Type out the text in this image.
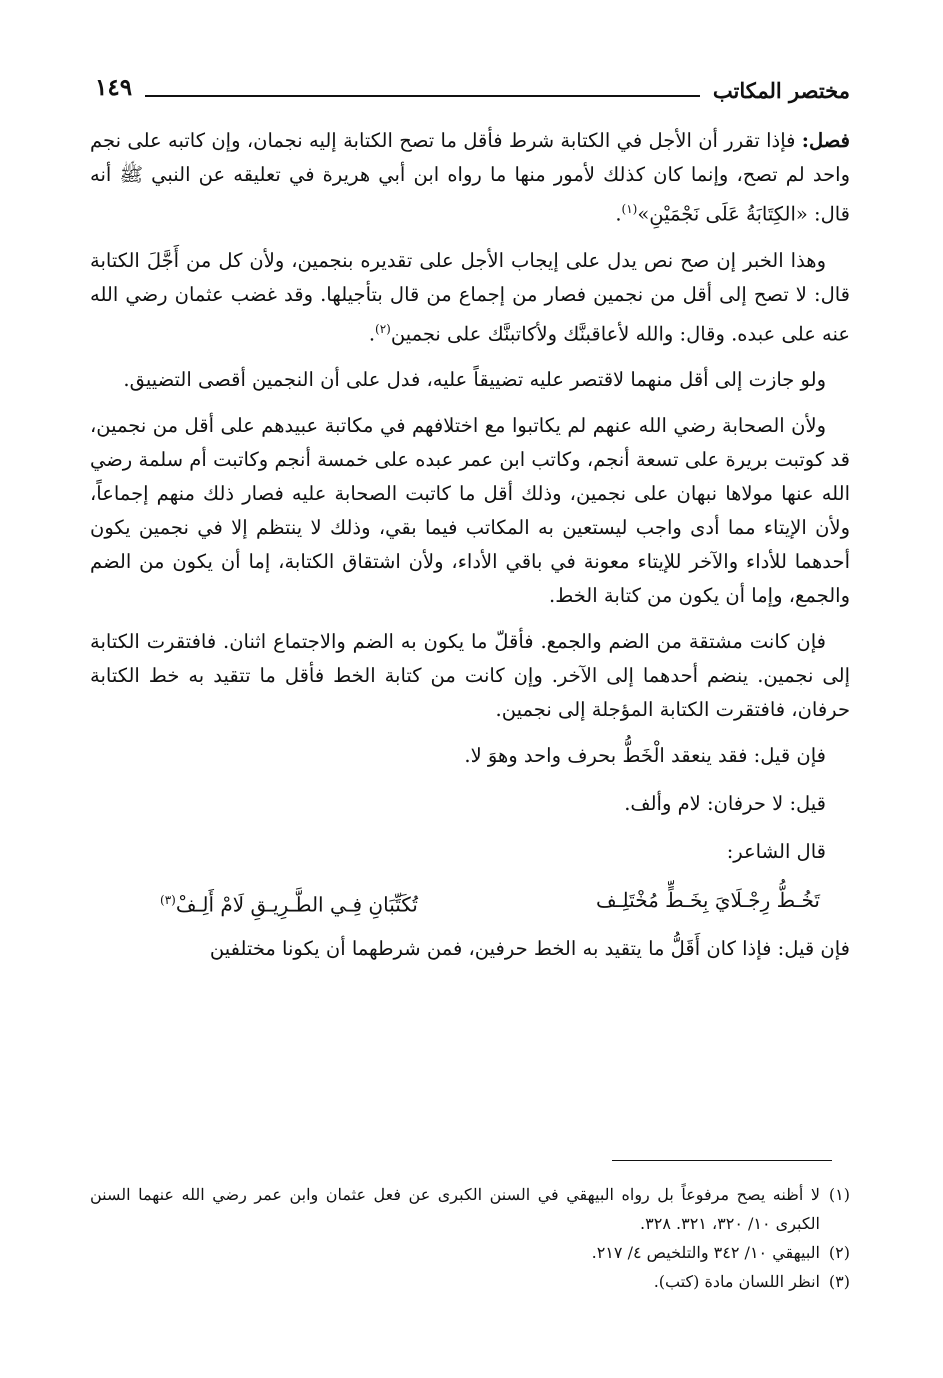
مختصر المكاتب
١٤٩

فصل: فإذا تقرر أن الأجل في الكتابة شرط فأقل ما تصح الكتابة إليه نجمان، وإن كاتبه على نجم واحد لم تصح، وإنما كان كذلك لأمور منها ما رواه ابن أبي هريرة في تعليقه عن النبي ﷺ أنه قال: «الكِتَابَةُ عَلَى نَجْمَيْنِ»$^{(١)}$.

وهذا الخبر إن صح نص يدل على إيجاب الأجل على تقديره بنجمين، ولأن كل من أَجَّلَ الكتابة قال: لا تصح إلى أقل من نجمين فصار من إجماع من قال بتأجيلها. وقد غضب عثمان رضي الله عنه على عبده. وقال: والله لأعاقبنَّك ولأكاتبنَّك على نجمين$^{(٢)}$.

ولو جازت إلى أقل منهما لاقتصر عليه تضييقاً عليه، فدل على أن النجمين أقصى التضييق.

ولأن الصحابة رضي الله عنهم لم يكاتبوا مع اختلافهم في مكاتبة عبيدهم على أقل من نجمين، قد كوتبت بريرة على تسعة أنجم، وكاتب ابن عمر عبده على خمسة أنجم وكاتبت أم سلمة رضي الله عنها مولاها نبهان على نجمين، وذلك أقل ما كاتبت الصحابة عليه فصار ذلك منهم إجماعاً، ولأن الإيتاء مما أدى واجب ليستعين به المكاتب فيما بقي، وذلك لا ينتظم إلا في نجمين يكون أحدهما للأداء والآخر للإيتاء معونة في باقي الأداء، ولأن اشتقاق الكتابة، إما أن يكون من الضم والجمع، وإما أن يكون من كتابة الخط.

فإن كانت مشتقة من الضم والجمع. فأقلّ ما يكون به الضم والاجتماع اثنان. فافتقرت الكتابة إلى نجمين. ينضم أحدهما إلى الآخر. وإن كانت من كتابة الخط فأقل ما تتقيد به خط الكتابة حرفان، فافتقرت الكتابة المؤجلة إلى نجمين.

فإن قيل: فقد ينعقد الْخَطُّ بحرف واحد وهوَ لا.

قيل: لا حرفان: لام وألف.

قال الشاعر:

تَخُـطُّ رِجْـلَايَ بِخَـطٍّ مُخْتَلِـف
تُكَتِّبَانِ فِـي الطَّـرِيـقِ لَامْ أَلِـفْ$^{(٣)}$

فإن قيل: فإذا كان أَقَلُّ ما يتقيد به الخط حرفين، فمن شرطهما أن يكونا مختلفين

(١)
لا أظنه يصح مرفوعاً بل رواه البيهقي في السنن الكبرى عن فعل عثمان وابن عمر رضي الله عنهما السنن الكبرى ١٠/ ٣٢٠، ٣٢١. ٣٢٨.

(٢)
البيهقي ١٠/ ٣٤٢ والتلخيص ٤/ ٢١٧.

(٣)
انظر اللسان مادة (كتب).
